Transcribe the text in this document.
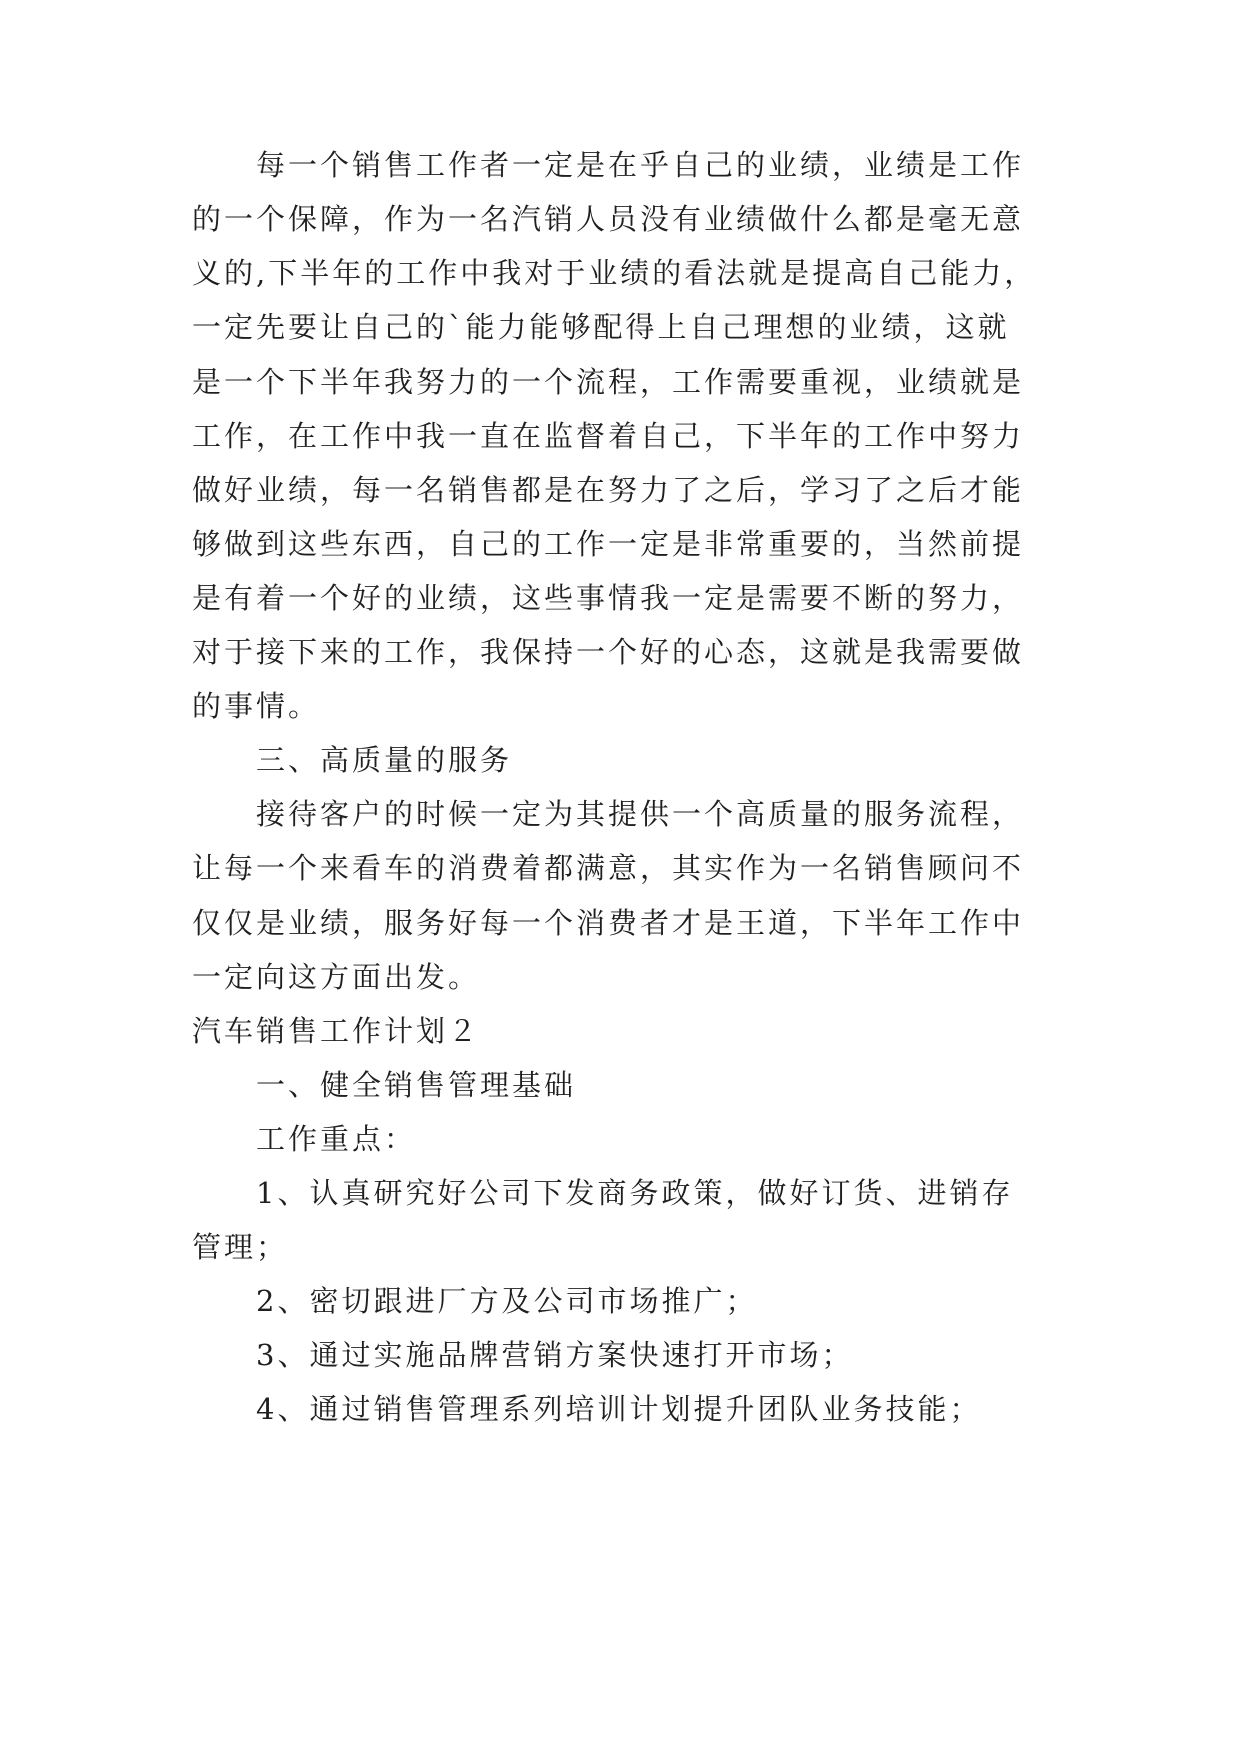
每一个销售工作者一定是在乎自己的业绩，业绩是工作

的一个保障，作为一名汽销人员没有业绩做什么都是毫无意

义的,下半年的工作中我对于业绩的看法就是提高自己能力，

一定先要让自己的`能力能够配得上自己理想的业绩，这就

是一个下半年我努力的一个流程，工作需要重视，业绩就是

工作，在工作中我一直在监督着自己，下半年的工作中努力

做好业绩，每一名销售都是在努力了之后，学习了之后才能

够做到这些东西，自己的工作一定是非常重要的，当然前提

是有着一个好的业绩，这些事情我一定是需要不断的努力，

对于接下来的工作，我保持一个好的心态，这就是我需要做

的事情。

三、高质量的服务

接待客户的时候一定为其提供一个高质量的服务流程，

让每一个来看车的消费着都满意，其实作为一名销售顾问不

仅仅是业绩，服务好每一个消费者才是王道，下半年工作中

一定向这方面出发。

汽车销售工作计划２

一、健全销售管理基础

工作重点：

1、认真研究好公司下发商务政策，做好订货、进销存

管理；

2、密切跟进厂方及公司市场推广；

3、通过实施品牌营销方案快速打开市场；

4、通过销售管理系列培训计划提升团队业务技能；
